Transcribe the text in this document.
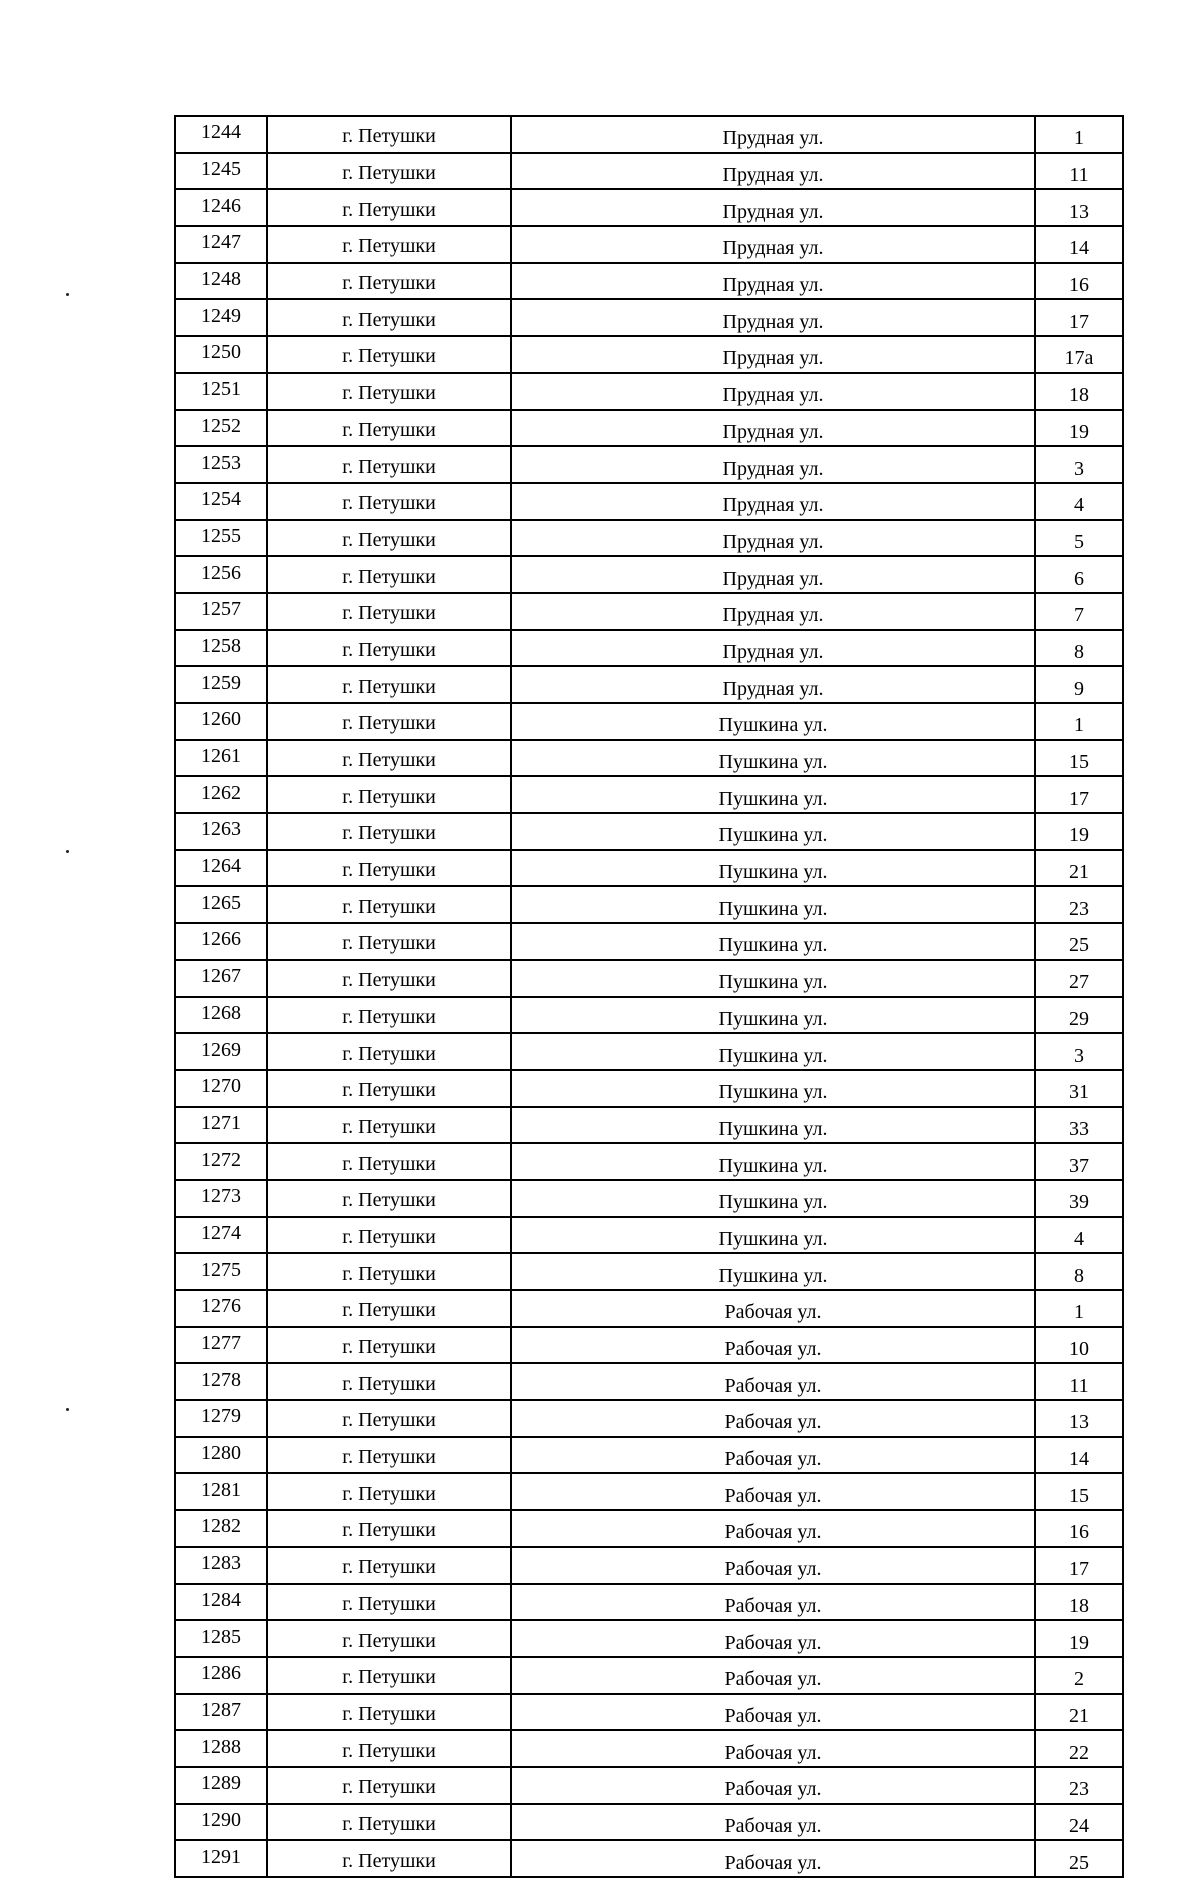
1244	г. Петушки	Прудная ул.	1
1245	г. Петушки	Прудная ул.	11
1246	г. Петушки	Прудная ул.	13
1247	г. Петушки	Прудная ул.	14
1248	г. Петушки	Прудная ул.	16
1249	г. Петушки	Прудная ул.	17
1250	г. Петушки	Прудная ул.	17а
1251	г. Петушки	Прудная ул.	18
1252	г. Петушки	Прудная ул.	19
1253	г. Петушки	Прудная ул.	3
1254	г. Петушки	Прудная ул.	4
1255	г. Петушки	Прудная ул.	5
1256	г. Петушки	Прудная ул.	6
1257	г. Петушки	Прудная ул.	7
1258	г. Петушки	Прудная ул.	8
1259	г. Петушки	Прудная ул.	9
1260	г. Петушки	Пушкина ул.	1
1261	г. Петушки	Пушкина ул.	15
1262	г. Петушки	Пушкина ул.	17
1263	г. Петушки	Пушкина ул.	19
1264	г. Петушки	Пушкина ул.	21
1265	г. Петушки	Пушкина ул.	23
1266	г. Петушки	Пушкина ул.	25
1267	г. Петушки	Пушкина ул.	27
1268	г. Петушки	Пушкина ул.	29
1269	г. Петушки	Пушкина ул.	3
1270	г. Петушки	Пушкина ул.	31
1271	г. Петушки	Пушкина ул.	33
1272	г. Петушки	Пушкина ул.	37
1273	г. Петушки	Пушкина ул.	39
1274	г. Петушки	Пушкина ул.	4
1275	г. Петушки	Пушкина ул.	8
1276	г. Петушки	Рабочая ул.	1
1277	г. Петушки	Рабочая ул.	10
1278	г. Петушки	Рабочая ул.	11
1279	г. Петушки	Рабочая ул.	13
1280	г. Петушки	Рабочая ул.	14
1281	г. Петушки	Рабочая ул.	15
1282	г. Петушки	Рабочая ул.	16
1283	г. Петушки	Рабочая ул.	17
1284	г. Петушки	Рабочая ул.	18
1285	г. Петушки	Рабочая ул.	19
1286	г. Петушки	Рабочая ул.	2
1287	г. Петушки	Рабочая ул.	21
1288	г. Петушки	Рабочая ул.	22
1289	г. Петушки	Рабочая ул.	23
1290	г. Петушки	Рабочая ул.	24
1291	г. Петушки	Рабочая ул.	25
